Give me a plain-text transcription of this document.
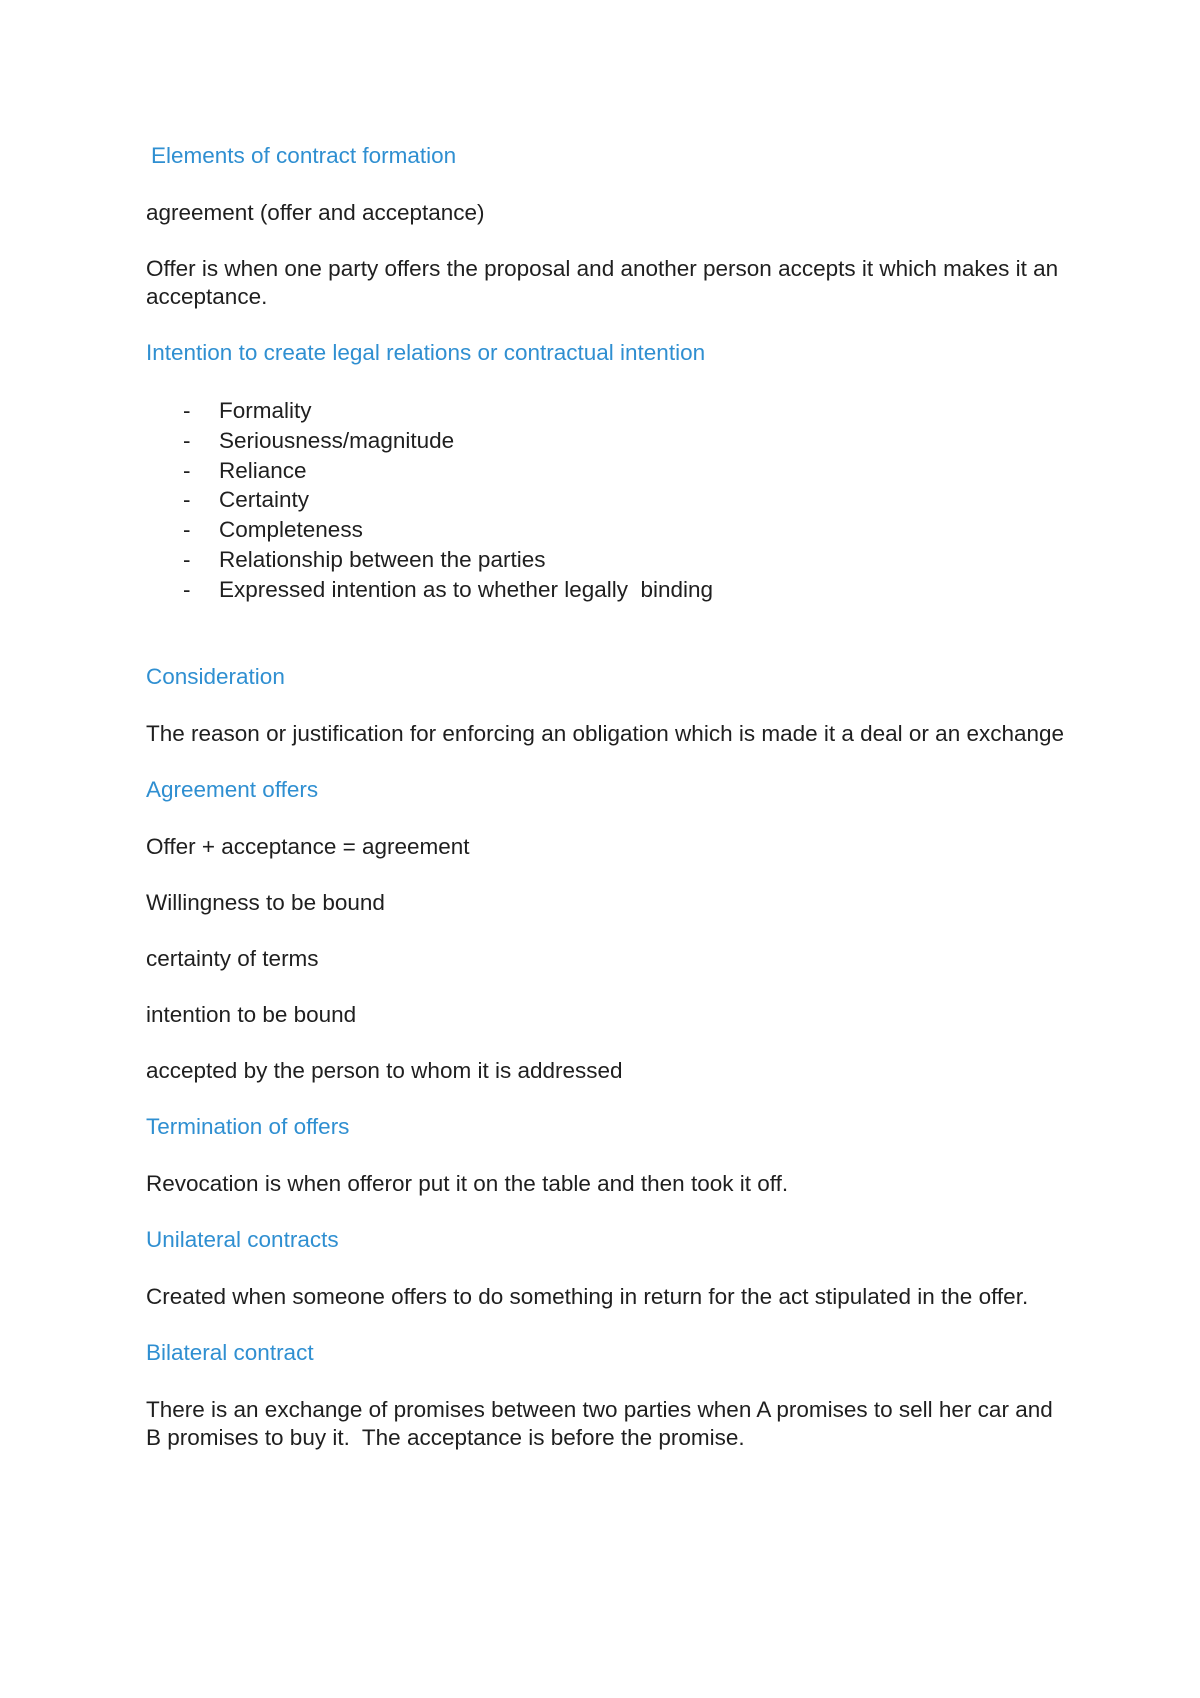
Elements of contract formation

agreement (offer and acceptance)

Offer is when one party offers the proposal and another person accepts it which makes it an acceptance.

Intention to create legal relations or contractual intention
- Formality
- Seriousness/magnitude
- Reliance
- Certainty
- Completeness
- Relationship between the parties
- Expressed intention as to whether legally  binding
Consideration

The reason or justification for enforcing an obligation which is made it a deal or an exchange

Agreement offers

Offer + acceptance = agreement

Willingness to be bound

certainty of terms

intention to be bound

accepted by the person to whom it is addressed

Termination of offers

Revocation is when offeror put it on the table and then took it off.

Unilateral contracts

Created when someone offers to do something in return for the act stipulated in the offer.

Bilateral contract

There is an exchange of promises between two parties when A promises to sell her car and B promises to buy it.  The acceptance is before the promise.
